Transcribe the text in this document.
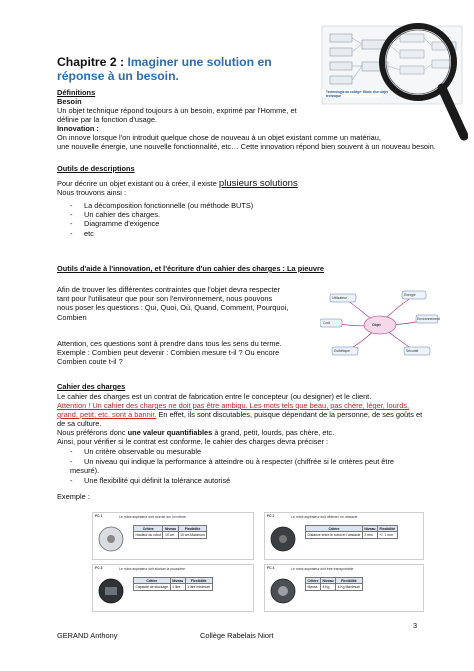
Technologie au collège: Etude d'un objet technique
Chapitre 2 : Imaginer une solution en réponse à un besoin.
Définitions
Besoin
Un objet technique répond toujours à un besoin, exprimé par l'Homme, et
définie par la fonction d'usage.
Innovation :
On innove lorsque l'on introduit quelque chose de nouveau à un objet existant comme un matériau,
une nouvelle énergie, une nouvelle fonctionnalité, etc… Cette innovation répond bien souvent à un nouveau besoin.
Outils de descriptions
Pour décrire un objet existant ou à créer, il existe plusieurs solutions
Nous trouvons ainsi :
- La décomposition fonctionnelle (ou méthode BUTS)
- Un cahier des charges.
- Diagramme d'exigence
- etc
Outils d'aide à l'innovation, et l'écriture d'un cahier des charges : La pieuvre
Afin de trouver les différentes contraintes que l'objet devra respecter
tant pour l'utilisateur que pour son l'environnement, nous pouvons
nous poser les questions : Qui, Quoi, Où, Quand, Comment, Pourquoi,
Combien
Attention, ces questions sont à prendre dans tous les sens du terme.
Exemple : Combien peut devenir : Combien mesure t-il ? Ou encore
Combien coute t-il ?
Objet
Utilisateur
Energie
Environnement
Sécurité
Esthétique
Coût
Cahier des charges
Le cahier des charges est un contrat de fabrication entre le concepteur (ou designer) et le client.
Attention ! Un cahier des charges ne doit pas être ambigu. Les mots tels que beau, pas chère, léger, lourds,
grand, petit, etc. sont à bannir. En effet, ils sont discutables, puisque dépendant de la personne, de ses goûts et
de sa culture.
Nous préférons donc une valeur quantifiables à grand, petit, lourds, pas chère, etc.
Ainsi, pour vérifier si le contrat est conforme, le cahier des charges devra préciser :
- Un critère observable ou mesurable
- Un niveau qui indique la performance à atteindre ou à respecter (chiffrée si le critères peut être
mesuré).
- Une flexibilité qui définit la tolérance autorisé
Exemple :
FC 1	Le robot aspirateur doit tourner sur lui même
Critère	Niveau	Flexibilité
Hauteur du robot	10 cm	10 cm Maximum
FC 2	Le robot aspirateur doit détecter un obstacle
Critère	Niveau	Flexibilité
Distance entre le robot et l'obstacle	2 mm	+/- 1 mm
FC 3	Le robot aspirateur doit stocker la poussière
Critère	Niveau	Flexibilité
Capacité de stockage	1 litre	1 litre minimum
FC 4	Le robot aspirateur doit être transportable
Critère	Niveau	Flexibilité
Masse	4 Kg	4 Kg Maximum
3
GERAND Anthony	Collège Rabelais Niort
